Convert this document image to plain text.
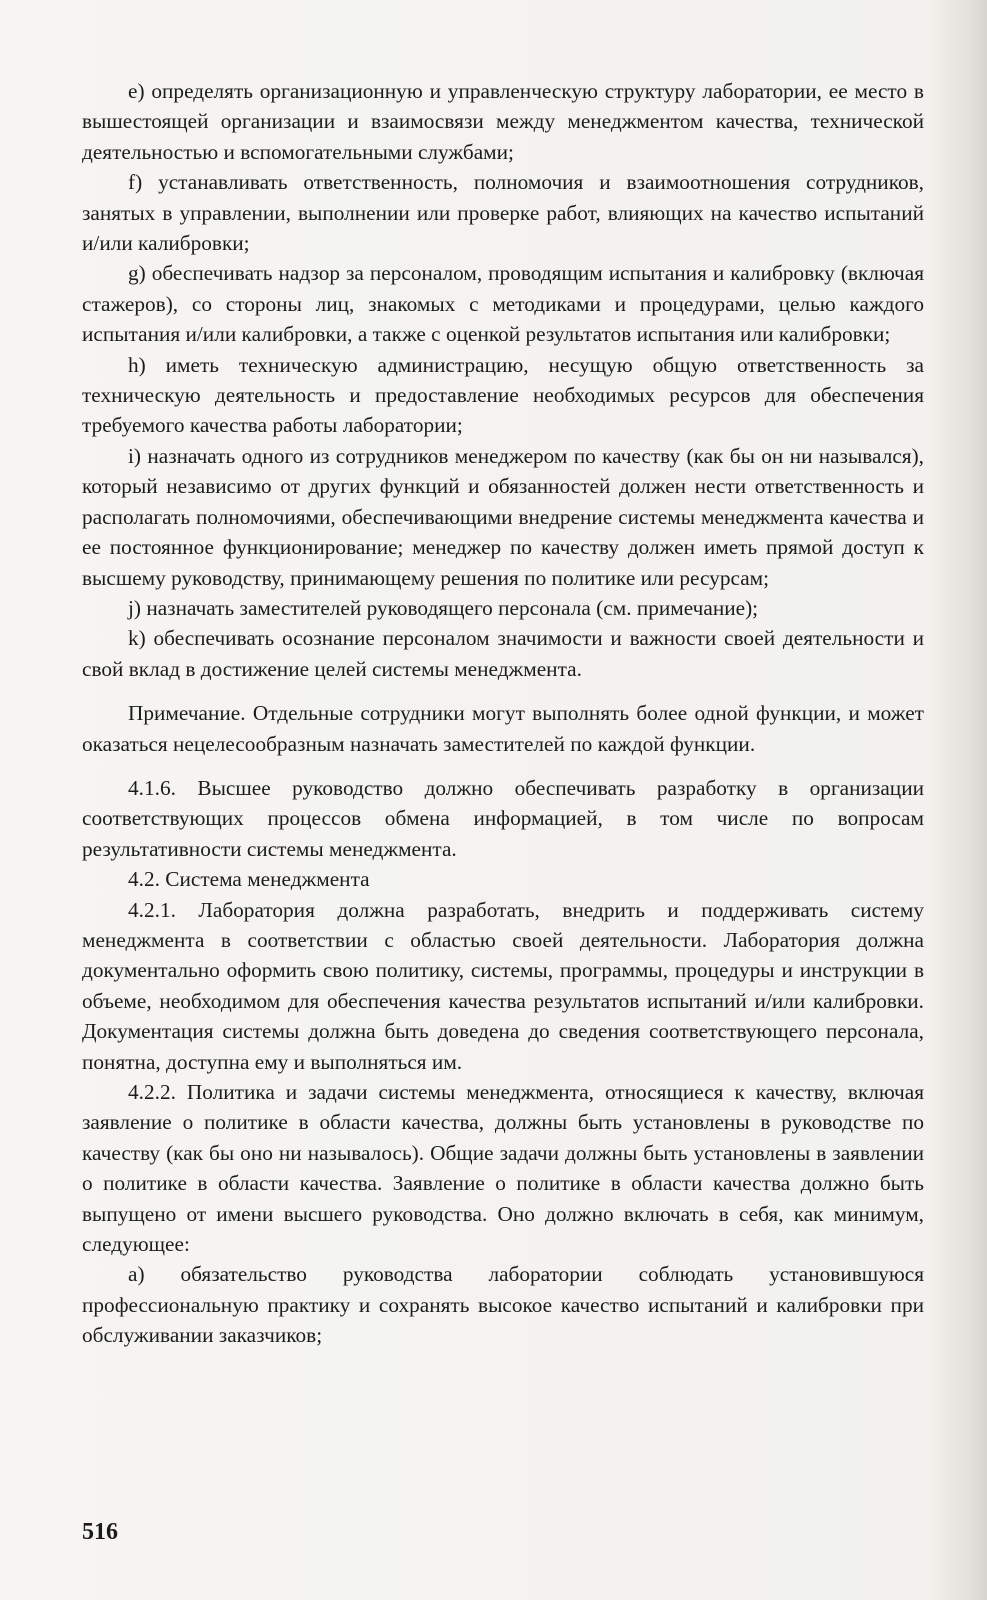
e) определять организационную и управленческую структуру лаборатории, ее место в вышестоящей организации и взаимосвязи между менеджментом качества, технической деятельностью и вспомогательными службами;

f) устанавливать ответственность, полномочия и взаимоотношения сотрудников, занятых в управлении, выполнении или проверке работ, влияющих на качество испытаний и/или калибровки;

g) обеспечивать надзор за персоналом, проводящим испытания и калибровку (включая стажеров), со стороны лиц, знакомых с методиками и процедурами, целью каждого испытания и/или калибровки, а также с оценкой результатов испытания или калибровки;

h) иметь техническую администрацию, несущую общую ответственность за техническую деятельность и предоставление необходимых ресурсов для обеспечения требуемого качества работы лаборатории;

i) назначать одного из сотрудников менеджером по качеству (как бы он ни назывался), который независимо от других функций и обязанностей должен нести ответственность и располагать полномочиями, обеспечивающими внедрение системы менеджмента качества и ее постоянное функционирование; менеджер по качеству должен иметь прямой доступ к высшему руководству, принимающему решения по политике или ресурсам;

j) назначать заместителей руководящего персонала (см. примечание);

k) обеспечивать осознание персоналом значимости и важности своей деятельности и свой вклад в достижение целей системы менеджмента.

Примечание. Отдельные сотрудники могут выполнять более одной функции, и может оказаться нецелесообразным назначать заместителей по каждой функции.

4.1.6. Высшее руководство должно обеспечивать разработку в организации соответствующих процессов обмена информацией, в том числе по вопросам результативности системы менеджмента.

4.2. Система менеджмента

4.2.1. Лаборатория должна разработать, внедрить и поддерживать систему менеджмента в соответствии с областью своей деятельности. Лаборатория должна документально оформить свою политику, системы, программы, процедуры и инструкции в объеме, необходимом для обеспечения качества результатов испытаний и/или калибровки. Документация системы должна быть доведена до сведения соответствующего персонала, понятна, доступна ему и выполняться им.

4.2.2. Политика и задачи системы менеджмента, относящиеся к качеству, включая заявление о политике в области качества, должны быть установлены в руководстве по качеству (как бы оно ни называлось). Общие задачи должны быть установлены в заявлении о политике в области качества. Заявление о политике в области качества должно быть выпущено от имени высшего руководства. Оно должно включать в себя, как минимум, следующее:

a) обязательство руководства лаборатории соблюдать установившуюся профессиональную практику и сохранять высокое качество испытаний и калибровки при обслуживании заказчиков;

516
